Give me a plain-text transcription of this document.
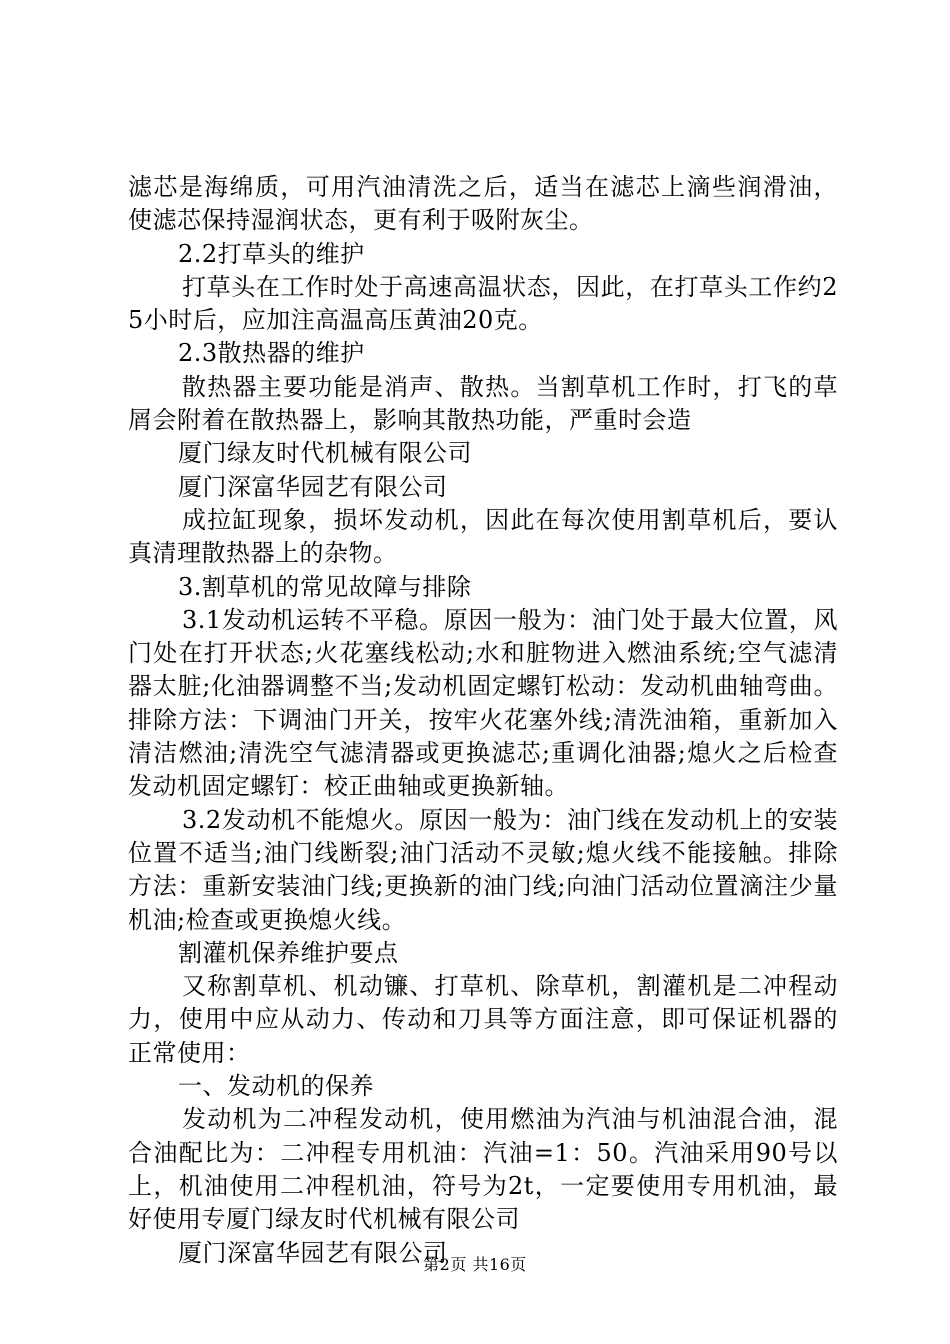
滤芯是海绵质，可用汽油清洗之后，适当在滤芯上滴些润滑油，使滤芯保持湿润状态，更有利于吸附灰尘。

2.2打草头的维护

打草头在工作时处于高速高温状态，因此，在打草头工作约25小时后，应加注高温高压黄油20克。

2.3散热器的维护

散热器主要功能是消声、散热。当割草机工作时，打飞的草屑会附着在散热器上，影响其散热功能，严重时会造

厦门绿友时代机械有限公司

厦门深富华园艺有限公司

成拉缸现象，损坏发动机，因此在每次使用割草机后，要认真清理散热器上的杂物。

3.割草机的常见故障与排除

3.1发动机运转不平稳。原因一般为：油门处于最大位置，风门处在打开状态;火花塞线松动;水和脏物进入燃油系统;空气滤清器太脏;化油器调整不当;发动机固定螺钉松动：发动机曲轴弯曲。排除方法：下调油门开关，按牢火花塞外线;清洗油箱，重新加入清洁燃油;清洗空气滤清器或更换滤芯;重调化油器;熄火之后检查发动机固定螺钉：校正曲轴或更换新轴。

3.2发动机不能熄火。原因一般为：油门线在发动机上的安装位置不适当;油门线断裂;油门活动不灵敏;熄火线不能接触。排除方法：重新安装油门线;更换新的油门线;向油门活动位置滴注少量机油;检查或更换熄火线。

割灌机保养维护要点

又称割草机、机动镰、打草机、除草机，割灌机是二冲程动力，使用中应从动力、传动和刀具等方面注意，即可保证机器的正常使用：

一、发动机的保养

发动机为二冲程发动机，使用燃油为汽油与机油混合油，混合油配比为：二冲程专用机油：汽油=1：50。汽油采用90号以上，机油使用二冲程机油，符号为2t，一定要使用专用机油，最好使用专厦门绿友时代机械有限公司

厦门深富华园艺有限公司

第2页 共16页
